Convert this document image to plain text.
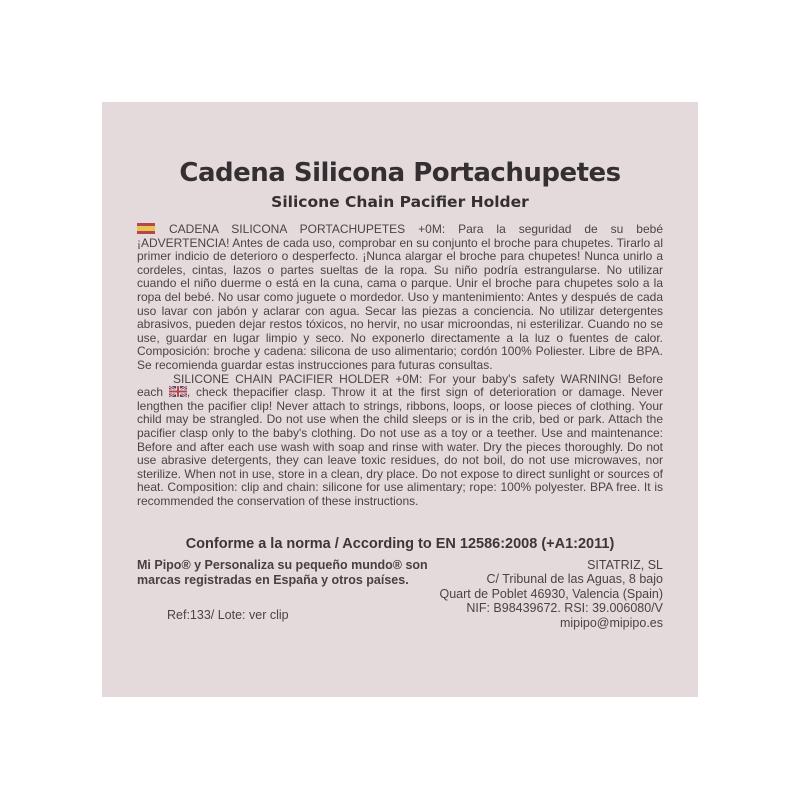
Cadena Silicona Portachupetes
Silicone Chain Pacifier Holder

CADENA SILICONA PORTACHUPETES +0M: Para la seguridad de su bebé ¡ADVERTENCIA! Antes de cada uso, comprobar en su conjunto el broche para chupetes. Tirarlo al primer indicio de deterioro o desperfecto. ¡Nunca alargar el broche para chupetes! Nunca unirlo a cordeles, cintas, lazos o partes sueltas de la ropa. Su niño podría estrangularse. No utilizar cuando el niño duerme o está en la cuna, cama o parque. Unir el broche para chupetes solo a la ropa del bebé. No usar como juguete o mordedor. Uso y mantenimiento: Antes y después de cada uso lavar con jabón y aclarar con agua. Secar las piezas a conciencia. No utilizar detergentes abrasivos, pueden dejar restos tóxicos, no hervir, no usar microondas, ni esterilizar. Cuando no se use, guardar en lugar limpio y seco. No exponerlo directamente a la luz o fuentes de calor. Composición: broche y cadena: silicona de uso alimentario; cordón 100% Poliester. Libre de BPA. Se recomienda guardar estas instrucciones para futuras consultas.

SILICONE CHAIN PACIFIER HOLDER +0M: For your baby's safety WARNING! Before each
, check thepacifier clasp. Throw it at the first sign of deterioration or damage. Never lengthen the pacifier clip! Never attach to strings, ribbons, loops, or loose pieces of clothing. Your child may be strangled. Do not use when the child sleeps or is in the crib, bed or park. Attach the pacifier clasp only to the baby's clothing. Do not use as a toy or a teether. Use and maintenance: Before and after each use wash with soap and rinse with water. Dry the pieces thoroughly. Do not use abrasive detergents, they can leave toxic residues, do not boil, do not use microwaves, nor sterilize. When not in use, store in a clean, dry place. Do not expose to direct sunlight or sources of heat. Composition: clip and chain: silicone for use alimentary; rope: 100% polyester. BPA free. It is recommended the conservation of these instructions.

Conforme a la norma / According to EN 12586:2008 (+A1:2011)
Mi Pipo® y Personaliza su pequeño mundo® son marcas registradas en España y otros países.
SITATRIZ, SL
C/ Tribunal de las Aguas, 8 bajo
Quart de Poblet 46930, Valencia (Spain)
NIF: B98439672. RSI: 39.006080/V
mipipo@mipipo.es
Ref:133/ Lote: ver clip
